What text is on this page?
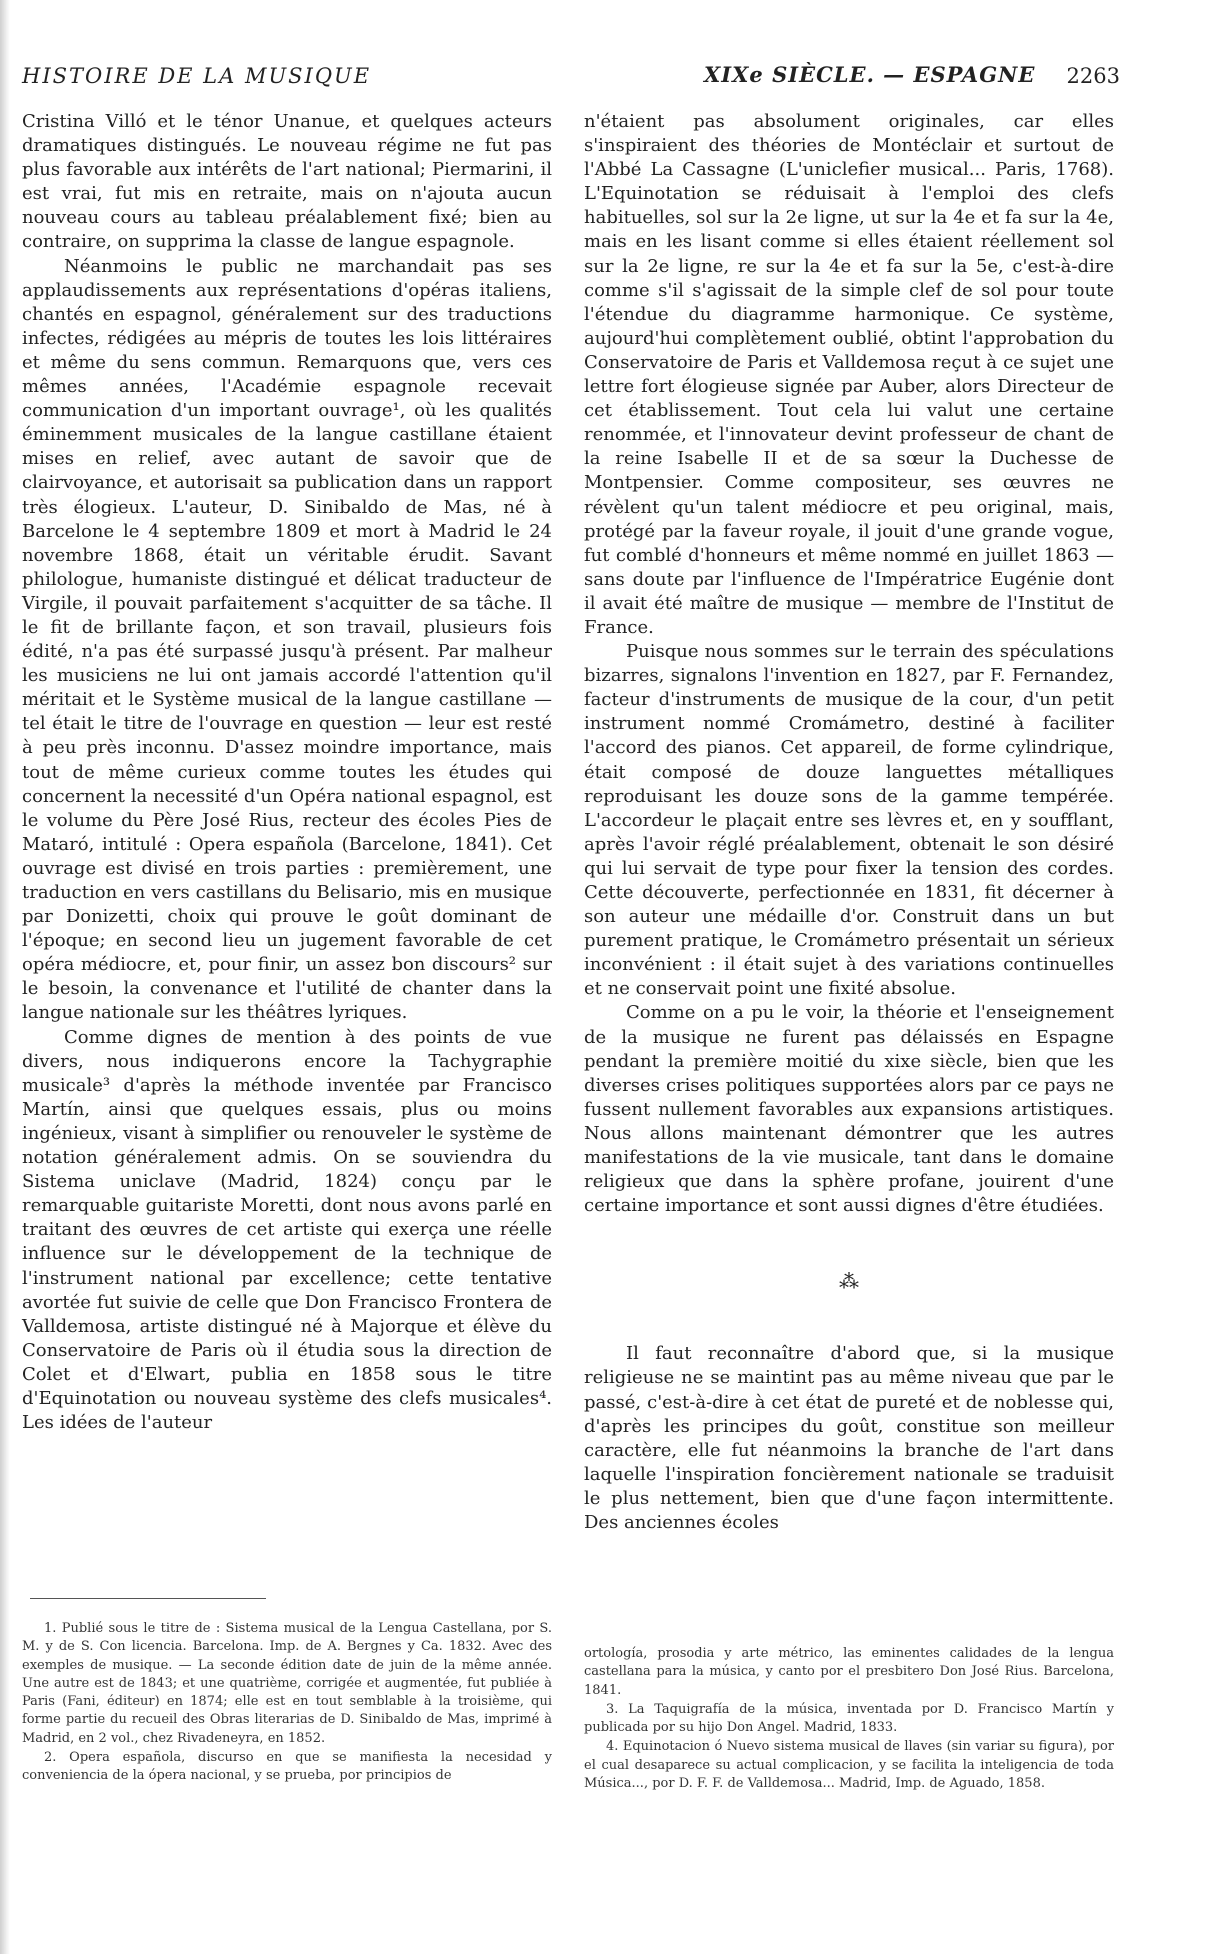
HISTOIRE DE LA MUSIQUE	XIXe SIÈCLE. — ESPAGNE 2263

Cristina Villó et le ténor Unanue, et quelques acteurs dramatiques distingués. Le nouveau régime ne fut pas plus favorable aux intérêts de l'art national; Piermarini, il est vrai, fut mis en retraite, mais on n'ajouta aucun nouveau cours au tableau préalablement fixé; bien au contraire, on supprima la classe de langue espagnole.

Néanmoins le public ne marchandait pas ses applaudissements aux représentations d'opéras italiens, chantés en espagnol, généralement sur des traductions infectes, rédigées au mépris de toutes les lois littéraires et même du sens commun. Remarquons que, vers ces mêmes années, l'Académie espagnole recevait communication d'un important ouvrage¹, où les qualités éminemment musicales de la langue castillane étaient mises en relief, avec autant de savoir que de clairvoyance, et autorisait sa publication dans un rapport très élogieux. L'auteur, D. Sinibaldo de Mas, né à Barcelone le 4 septembre 1809 et mort à Madrid le 24 novembre 1868, était un véritable érudit. Savant philologue, humaniste distingué et délicat traducteur de Virgile, il pouvait parfaitement s'acquitter de sa tâche. Il le fit de brillante façon, et son travail, plusieurs fois édité, n'a pas été surpassé jusqu'à présent. Par malheur les musiciens ne lui ont jamais accordé l'attention qu'il méritait et le Système musical de la langue castillane — tel était le titre de l'ouvrage en question — leur est resté à peu près inconnu. D'assez moindre importance, mais tout de même curieux comme toutes les études qui concernent la necessité d'un Opéra national espagnol, est le volume du Père José Rius, recteur des écoles Pies de Mataró, intitulé : Opera española (Barcelone, 1841). Cet ouvrage est divisé en trois parties : premièrement, une traduction en vers castillans du Belisario, mis en musique par Donizetti, choix qui prouve le goût dominant de l'époque; en second lieu un jugement favorable de cet opéra médiocre, et, pour finir, un assez bon discours² sur le besoin, la convenance et l'utilité de chanter dans la langue nationale sur les théâtres lyriques.

Comme dignes de mention à des points de vue divers, nous indiquerons encore la Tachygraphie musicale³ d'après la méthode inventée par Francisco Martín, ainsi que quelques essais, plus ou moins ingénieux, visant à simplifier ou renouveler le système de notation généralement admis. On se souviendra du Sistema uniclave (Madrid, 1824) conçu par le remarquable guitariste Moretti, dont nous avons parlé en traitant des œuvres de cet artiste qui exerça une réelle influence sur le développement de la technique de l'instrument national par excellence; cette tentative avortée fut suivie de celle que Don Francisco Frontera de Valldemosa, artiste distingué né à Majorque et élève du Conservatoire de Paris où il étudia sous la direction de Colet et d'Elwart, publia en 1858 sous le titre d'Equinotation ou nouveau système des clefs musicales⁴. Les idées de l'auteur

n'étaient pas absolument originales, car elles s'inspiraient des théories de Montéclair et surtout de l'Abbé La Cassagne (L'uniclefier musical... Paris, 1768). L'Equinotation se réduisait à l'emploi des clefs habituelles, sol sur la 2e ligne, ut sur la 4e et fa sur la 4e, mais en les lisant comme si elles étaient réellement sol sur la 2e ligne, re sur la 4e et fa sur la 5e, c'est-à-dire comme s'il s'agissait de la simple clef de sol pour toute l'étendue du diagramme harmonique. Ce système, aujourd'hui complètement oublié, obtint l'approbation du Conservatoire de Paris et Valldemosa reçut à ce sujet une lettre fort élogieuse signée par Auber, alors Directeur de cet établissement. Tout cela lui valut une certaine renommée, et l'innovateur devint professeur de chant de la reine Isabelle II et de sa sœur la Duchesse de Montpensier. Comme compositeur, ses œuvres ne révèlent qu'un talent médiocre et peu original, mais, protégé par la faveur royale, il jouit d'une grande vogue, fut comblé d'honneurs et même nommé en juillet 1863 — sans doute par l'influence de l'Impératrice Eugénie dont il avait été maître de musique — membre de l'Institut de France.

Puisque nous sommes sur le terrain des spéculations bizarres, signalons l'invention en 1827, par F. Fernandez, facteur d'instruments de musique de la cour, d'un petit instrument nommé Cromámetro, destiné à faciliter l'accord des pianos. Cet appareil, de forme cylindrique, était composé de douze languettes métalliques reproduisant les douze sons de la gamme tempérée. L'accordeur le plaçait entre ses lèvres et, en y soufflant, après l'avoir réglé préalablement, obtenait le son désiré qui lui servait de type pour fixer la tension des cordes. Cette découverte, perfectionnée en 1831, fit décerner à son auteur une médaille d'or. Construit dans un but purement pratique, le Cromámetro présentait un sérieux inconvénient : il était sujet à des variations continuelles et ne conservait point une fixité absolue.

Comme on a pu le voir, la théorie et l'enseignement de la musique ne furent pas délaissés en Espagne pendant la première moitié du xixe siècle, bien que les diverses crises politiques supportées alors par ce pays ne fussent nullement favorables aux expansions artistiques. Nous allons maintenant démontrer que les autres manifestations de la vie musicale, tant dans le domaine religieux que dans la sphère profane, jouirent d'une certaine importance et sont aussi dignes d'être étudiées.

⁂

Il faut reconnaître d'abord que, si la musique religieuse ne se maintint pas au même niveau que par le passé, c'est-à-dire à cet état de pureté et de noblesse qui, d'après les principes du goût, constitue son meilleur caractère, elle fut néanmoins la branche de l'art dans laquelle l'inspiration foncièrement nationale se traduisit le plus nettement, bien que d'une façon intermittente. Des anciennes écoles

1. Publié sous le titre de : Sistema musical de la Lengua Castellana, por S. M. y de S. Con licencia. Barcelona. Imp. de A. Bergnes y Ca. 1832. Avec des exemples de musique. — La seconde édition date de juin de la même année. Une autre est de 1843; et une quatrième, corrigée et augmentée, fut publiée à Paris (Fani, éditeur) en 1874; elle est en tout semblable à la troisième, qui forme partie du recueil des Obras literarias de D. Sinibaldo de Mas, imprimé à Madrid, en 2 vol., chez Rivadeneyra, en 1852.

2. Opera española, discurso en que se manifiesta la necesidad y conveniencia de la ópera nacional, y se prueba, por principios de

ortología, prosodia y arte métrico, las eminentes calidades de la lengua castellana para la música, y canto por el presbitero Don José Rius. Barcelona, 1841.

3. La Taquigrafía de la música, inventada por D. Francisco Martín y publicada por su hijo Don Angel. Madrid, 1833.

4. Equinotacion ó Nuevo sistema musical de llaves (sin variar su figura), por el cual desaparece su actual complicacion, y se facilita la inteligencia de toda Música..., por D. F. F. de Valldemosa... Madrid, Imp. de Aguado, 1858.
